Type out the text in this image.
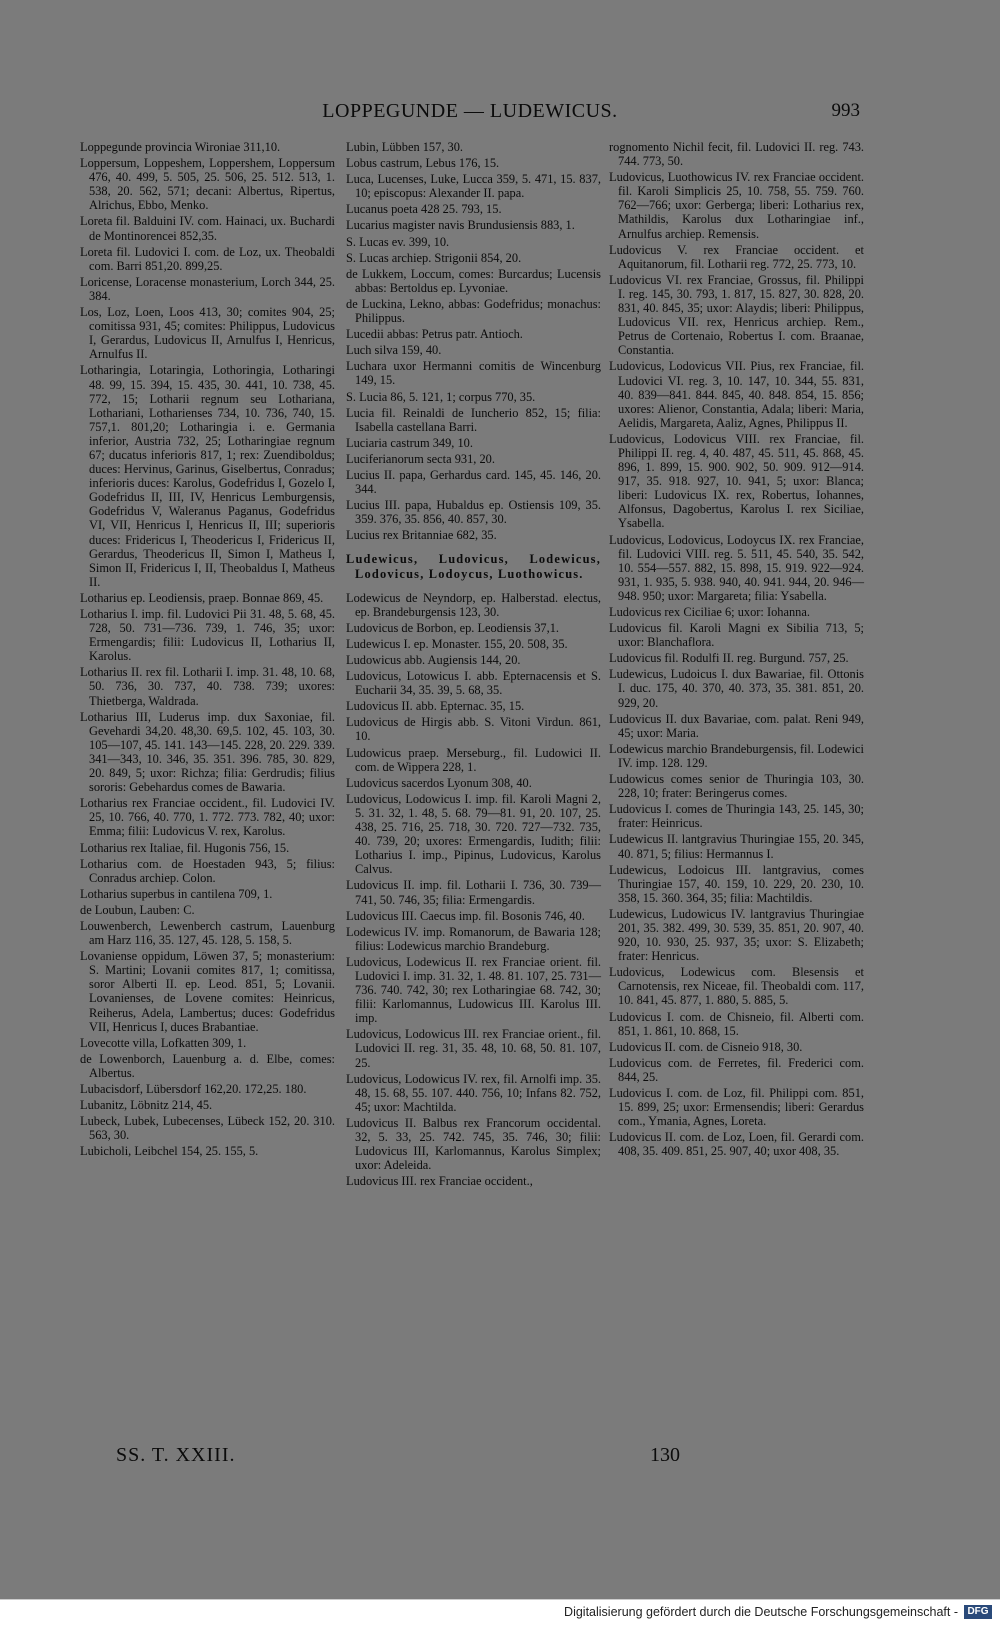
LOPPEGUNDE — LUDEWICUS.	993
Loppegunde provincia Wironiae 311,10.
Loppersum, Loppeshem, Loppershem, Loppersum 476, 40. 499, 5. 505, 25. 506, 25. 512. 513, 1. 538, 20. 562, 571; decani: Albertus, Ripertus, Alrichus, Ebbo, Menko.
Loreta fil. Balduini IV. com. Hainaci, ux. Buchardi de Montinorencei 852,35.
Loreta fil. Ludovici I. com. de Loz, ux. Theobaldi com. Barri 851,20. 899,25.
Loricense, Loracense monasterium, Lorch 344, 25. 384.
Los, Loz, Loen, Loos 413, 30; comites 904, 25; comitissa 931, 45; comites: Philippus, Ludovicus I, Gerardus, Ludovicus II, Arnulfus I, Henricus, Arnulfus II.
Lotharingia, Lotaringia, Lothoringia, Lotharingi 48. 99, 15. 394, 15. 435, 30. 441, 10. 738, 45. 772, 15; Lotharii regnum seu Lothariana, Lothariani, Lotharienses 734, 10. 736, 740, 15. 757,1. 801,20; Lotharingia i. e. Germania inferior, Austria 732, 25; Lotharingiae regnum 67; ducatus inferioris 817, 1; rex: Zuendiboldus; duces: Hervinus, Garinus, Giselbertus, Conradus; inferioris duces: Karolus, Godefridus I, Gozelo I, Godefridus II, III, IV, Henricus Lemburgensis, Godefridus V, Waleranus Paganus, Godefridus VI, VII, Henricus I, Henricus II, III; superioris duces: Fridericus I, Theodericus I, Fridericus II, Gerardus, Theodericus II, Simon I, Matheus I, Simon II, Fridericus I, II, Theobaldus I, Matheus II.
Lotharius ep. Leodiensis, praep. Bonnae 869, 45.
Lotharius I. imp. fil. Ludovici Pii 31. 48, 5. 68, 45. 728, 50. 731—736. 739, 1. 746, 35; uxor: Ermengardis; filii: Ludovicus II, Lotharius II, Karolus.
Lotharius II. rex fil. Lotharii I. imp. 31. 48, 10. 68, 50. 736, 30. 737, 40. 738. 739; uxores: Thietberga, Waldrada.
Lotharius III, Luderus imp. dux Saxoniae, fil. Gevehardi 34,20. 48,30. 69,5. 102, 45. 103, 30. 105—107, 45. 141. 143—145. 228, 20. 229. 339. 341—343, 10. 346, 35. 351. 396. 785, 30. 829, 20. 849, 5; uxor: Richza; filia: Gerdrudis; filius sororis: Gebehardus comes de Bawaria.
Lotharius rex Franciae occident., fil. Ludovici IV. 25, 10. 766, 40. 770, 1. 772. 773. 782, 40; uxor: Emma; filii: Ludovicus V. rex, Karolus.
Lotharius rex Italiae, fil. Hugonis 756, 15.
Lotharius com. de Hoestaden 943, 5; filius: Conradus archiep. Colon.
Lotharius superbus in cantilena 709, 1.
de Loubun, Lauben: C.
Louwenberch, Lewenberch castrum, Lauenburg am Harz 116, 35. 127, 45. 128, 5. 158, 5.
Lovaniense oppidum, Löwen 37, 5; monasterium: S. Martini; Lovanii comites 817, 1; comitissa, soror Alberti II. ep. Leod. 851, 5; Lovanii. Lovanienses, de Lovene comites: Heinricus, Reiherus, Adela, Lambertus; duces: Godefridus VII, Henricus I, duces Brabantiae.
Lovecotte villa, Lofkatten 309, 1.
de Lowenborch, Lauenburg a. d. Elbe, comes: Albertus.
Lubacisdorf, Lübersdorf 162,20. 172,25. 180.
Lubanitz, Löbnitz 214, 45.
Lubeck, Lubek, Lubecenses, Lübeck 152, 20. 310. 563, 30.
Lubicholi, Leibchel 154, 25. 155, 5.
Lubin, Lübben 157, 30.
Lobus castrum, Lebus 176, 15.
Luca, Lucenses, Luke, Lucca 359, 5. 471, 15. 837, 10; episcopus: Alexander II. papa.
Lucanus poeta 428 25. 793, 15.
Lucarius magister navis Brundusiensis 883, 1.
S. Lucas ev. 399, 10.
S. Lucas archiep. Strigonii 854, 20.
de Lukkem, Loccum, comes: Burcardus; Lucensis abbas: Bertoldus ep. Lyvoniae.
de Luckina, Lekno, abbas: Godefridus; monachus: Philippus.
Lucedii abbas: Petrus patr. Antioch.
Luch silva 159, 40.
Luchara uxor Hermanni comitis de Wincenburg 149, 15.
S. Lucia 86, 5. 121, 1; corpus 770, 35.
Lucia fil. Reinaldi de Iuncherio 852, 15; filia: Isabella castellana Barri.
Luciaria castrum 349, 10.
Luciferianorum secta 931, 20.
Lucius II. papa, Gerhardus card. 145, 45. 146, 20. 344.
Lucius III. papa, Hubaldus ep. Ostiensis 109, 35. 359. 376, 35. 856, 40. 857, 30.
Lucius rex Britanniae 682, 35.
Ludewicus, Ludovicus, Lodewicus, Lodovicus, Lodoycus, Luothowicus.
Lodewicus de Neyndorp, ep. Halberstad. electus, ep. Brandeburgensis 123, 30.
Ludovicus de Borbon, ep. Leodiensis 37,1.
Ludewicus I. ep. Monaster. 155, 20. 508, 35.
Ludowicus abb. Augiensis 144, 20.
Ludovicus, Lotowicus I. abb. Epternacensis et S. Eucharii 34, 35. 39, 5. 68, 35.
Ludovicus II. abb. Epternac. 35, 15.
Ludovicus de Hirgis abb. S. Vitoni Virdun. 861, 10.
Ludowicus praep. Merseburg., fil. Ludowici II. com. de Wippera 228, 1.
Ludovicus sacerdos Lyonum 308, 40.
Ludovicus, Lodowicus I. imp. fil. Karoli Magni 2, 5. 31. 32, 1. 48, 5. 68. 79—81. 91, 20. 107, 25. 438, 25. 716, 25. 718, 30. 720. 727—732. 735, 40. 739, 20; uxores: Ermengardis, Iudith; filii: Lotharius I. imp., Pipinus, Ludovicus, Karolus Calvus.
Ludovicus II. imp. fil. Lotharii I. 736, 30. 739—741, 50. 746, 35; filia: Ermengardis.
Ludovicus III. Caecus imp. fil. Bosonis 746, 40.
Lodewicus IV. imp. Romanorum, de Bawaria 128; filius: Lodewicus marchio Brandeburg.
Ludovicus, Lodewicus II. rex Franciae orient. fil. Ludovici I. imp. 31. 32, 1. 48. 81. 107, 25. 731—736. 740. 742, 30; rex Lotharingiae 68. 742, 30; filii: Karlomannus, Ludowicus III. Karolus III. imp.
Ludovicus, Lodowicus III. rex Franciae orient., fil. Ludovici II. reg. 31, 35. 48, 10. 68, 50. 81. 107, 25.
Ludovicus, Lodowicus IV. rex, fil. Arnolfi imp. 35. 48, 15. 68, 55. 107. 440. 756, 10; Infans 82. 752, 45; uxor: Machtilda.
Ludovicus II. Balbus rex Francorum occidental. 32, 5. 33, 25. 742. 745, 35. 746, 30; filii: Ludovicus III, Karlomannus, Karolus Simplex; uxor: Adeleida.
Ludovicus III. rex Franciae occident.,
rognomento Nichil fecit, fil. Ludovici II. reg. 743. 744. 773, 50.
Ludovicus, Luothowicus IV. rex Franciae occident. fil. Karoli Simplicis 25, 10. 758, 55. 759. 760. 762—766; uxor: Gerberga; liberi: Lotharius rex, Mathildis, Karolus dux Lotharingiae inf., Arnulfus archiep. Remensis.
Ludovicus V. rex Franciae occident. et Aquitanorum, fil. Lotharii reg. 772, 25. 773, 10.
Ludovicus VI. rex Franciae, Grossus, fil. Philippi I. reg. 145, 30. 793, 1. 817, 15. 827, 30. 828, 20. 831, 40. 845, 35; uxor: Alaydis; liberi: Philippus, Ludovicus VII. rex, Henricus archiep. Rem., Petrus de Cortenaio, Robertus I. com. Braanae, Constantia.
Ludovicus, Lodovicus VII. Pius, rex Franciae, fil. Ludovici VI. reg. 3, 10. 147, 10. 344, 55. 831, 40. 839—841. 844. 845, 40. 848. 854, 15. 856; uxores: Alienor, Constantia, Adala; liberi: Maria, Aelidis, Margareta, Aaliz, Agnes, Philippus II.
Ludovicus, Lodovicus VIII. rex Franciae, fil. Philippi II. reg. 4, 40. 487, 45. 511, 45. 868, 45. 896, 1. 899, 15. 900. 902, 50. 909. 912—914. 917, 35. 918. 927, 10. 941, 5; uxor: Blanca; liberi: Ludovicus IX. rex, Robertus, Iohannes, Alfonsus, Dagobertus, Karolus I. rex Siciliae, Ysabella.
Ludovicus, Lodovicus, Lodoycus IX. rex Franciae, fil. Ludovici VIII. reg. 5. 511, 45. 540, 35. 542, 10. 554—557. 882, 15. 898, 15. 919. 922—924. 931, 1. 935, 5. 938. 940, 40. 941. 944, 20. 946—948. 950; uxor: Margareta; filia: Ysabella.
Ludovicus rex Ciciliae 6; uxor: Iohanna.
Ludovicus fil. Karoli Magni ex Sibilia 713, 5; uxor: Blanchaflora.
Ludovicus fil. Rodulfi II. reg. Burgund. 757, 25.
Ludewicus, Ludoicus I. dux Bawariae, fil. Ottonis I. duc. 175, 40. 370, 40. 373, 35. 381. 851, 20. 929, 20.
Ludovicus II. dux Bavariae, com. palat. Reni 949, 45; uxor: Maria.
Lodewicus marchio Brandeburgensis, fil. Lodewici IV. imp. 128. 129.
Ludowicus comes senior de Thuringia 103, 30. 228, 10; frater: Beringerus comes.
Ludovicus I. comes de Thuringia 143, 25. 145, 30; frater: Heinricus.
Ludewicus II. lantgravius Thuringiae 155, 20. 345, 40. 871, 5; filius: Hermannus I.
Ludewicus, Lodoicus III. lantgravius, comes Thuringiae 157, 40. 159, 10. 229, 20. 230, 10. 358, 15. 360. 364, 35; filia: Machtildis.
Ludewicus, Ludowicus IV. lantgravius Thuringiae 201, 35. 382. 499, 30. 539, 35. 851, 20. 907, 40. 920, 10. 930, 25. 937, 35; uxor: S. Elizabeth; frater: Henricus.
Ludovicus, Lodewicus com. Blesensis et Carnotensis, rex Niceae, fil. Theobaldi com. 117, 10. 841, 45. 877, 1. 880, 5. 885, 5.
Ludovicus I. com. de Chisneio, fil. Alberti com. 851, 1. 861, 10. 868, 15.
Ludovicus II. com. de Cisneio 918, 30.
Ludovicus com. de Ferretes, fil. Frederici com. 844, 25.
Ludovicus I. com. de Loz, fil. Philippi com. 851, 15. 899, 25; uxor: Ermensendis; liberi: Gerardus com., Ymania, Agnes, Loreta.
Ludovicus II. com. de Loz, Loen, fil. Gerardi com. 408, 35. 409. 851, 25. 907, 40; uxor 408, 35.
SS. T. XXIII.	130
Digitalisierung gefördert durch die Deutsche Forschungsgemeinschaft - DFG
